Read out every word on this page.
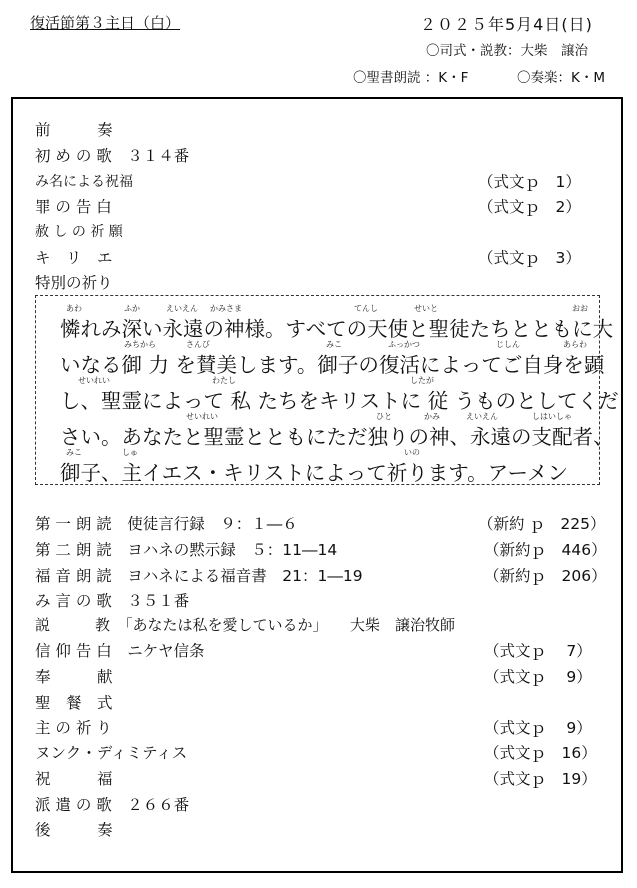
復活節第３主日（白）	２０２５年5月4日(日)
〇司式・説教：大柴　譲治
〇聖書朗読 ：K・F	〇奏楽：K・M
前　　　奏
初 め の 歌　３１４番
み名による祝福	（式文ｐ　1）
罪 の 告 白	（式文ｐ　2）
赦 し の 祈 願
キ　リ　エ	（式文ｐ　3）
特別の祈り
あわ	ふか	えいえん かみさま	てんし	せいと	おお
憐れみ深い永遠の神様。すべての天使と聖徒たちとともに大
みちから	さんび	みこ	ふっかつ	じしん	あらわ
いなる御 力 を賛美します。御子の復活によってご自身を顕
せいれい	わたし	したが
し、聖霊によって 私 たちをキリストに 従 うものとしてくだ
せいれい	ひと	かみ	えいえん	しはいしゃ
さい。あなたと聖霊とともにただ独りの神、永遠の支配者、
みこ	しゅ	いの
御子、主イエス・キリストによって祈ります。アーメン
第 一 朗 読　使徒言行録　９：１―６	（新約 ｐ　225）
第 二 朗 読　ヨハネの黙示録　５：11―14	（新約ｐ　446）
福 音 朗 読　ヨハネによる福音書　21：1―19	（新約ｐ　206）
み 言 の 歌　３５１番
説　　　教　「あなたは私を愛しているか」　　大柴　譲治牧師
信 仰 告 白　ニケヤ信条	（式文ｐ　 7）
奉　　　献	（式文ｐ　 9）
聖　餐　式
主 の 祈 り	（式文ｐ　 9）
ヌンク・ディミティス	（式文ｐ　16）
祝　　　福	（式文ｐ　19）
派 遣 の 歌　２６６番
後　　　奏
